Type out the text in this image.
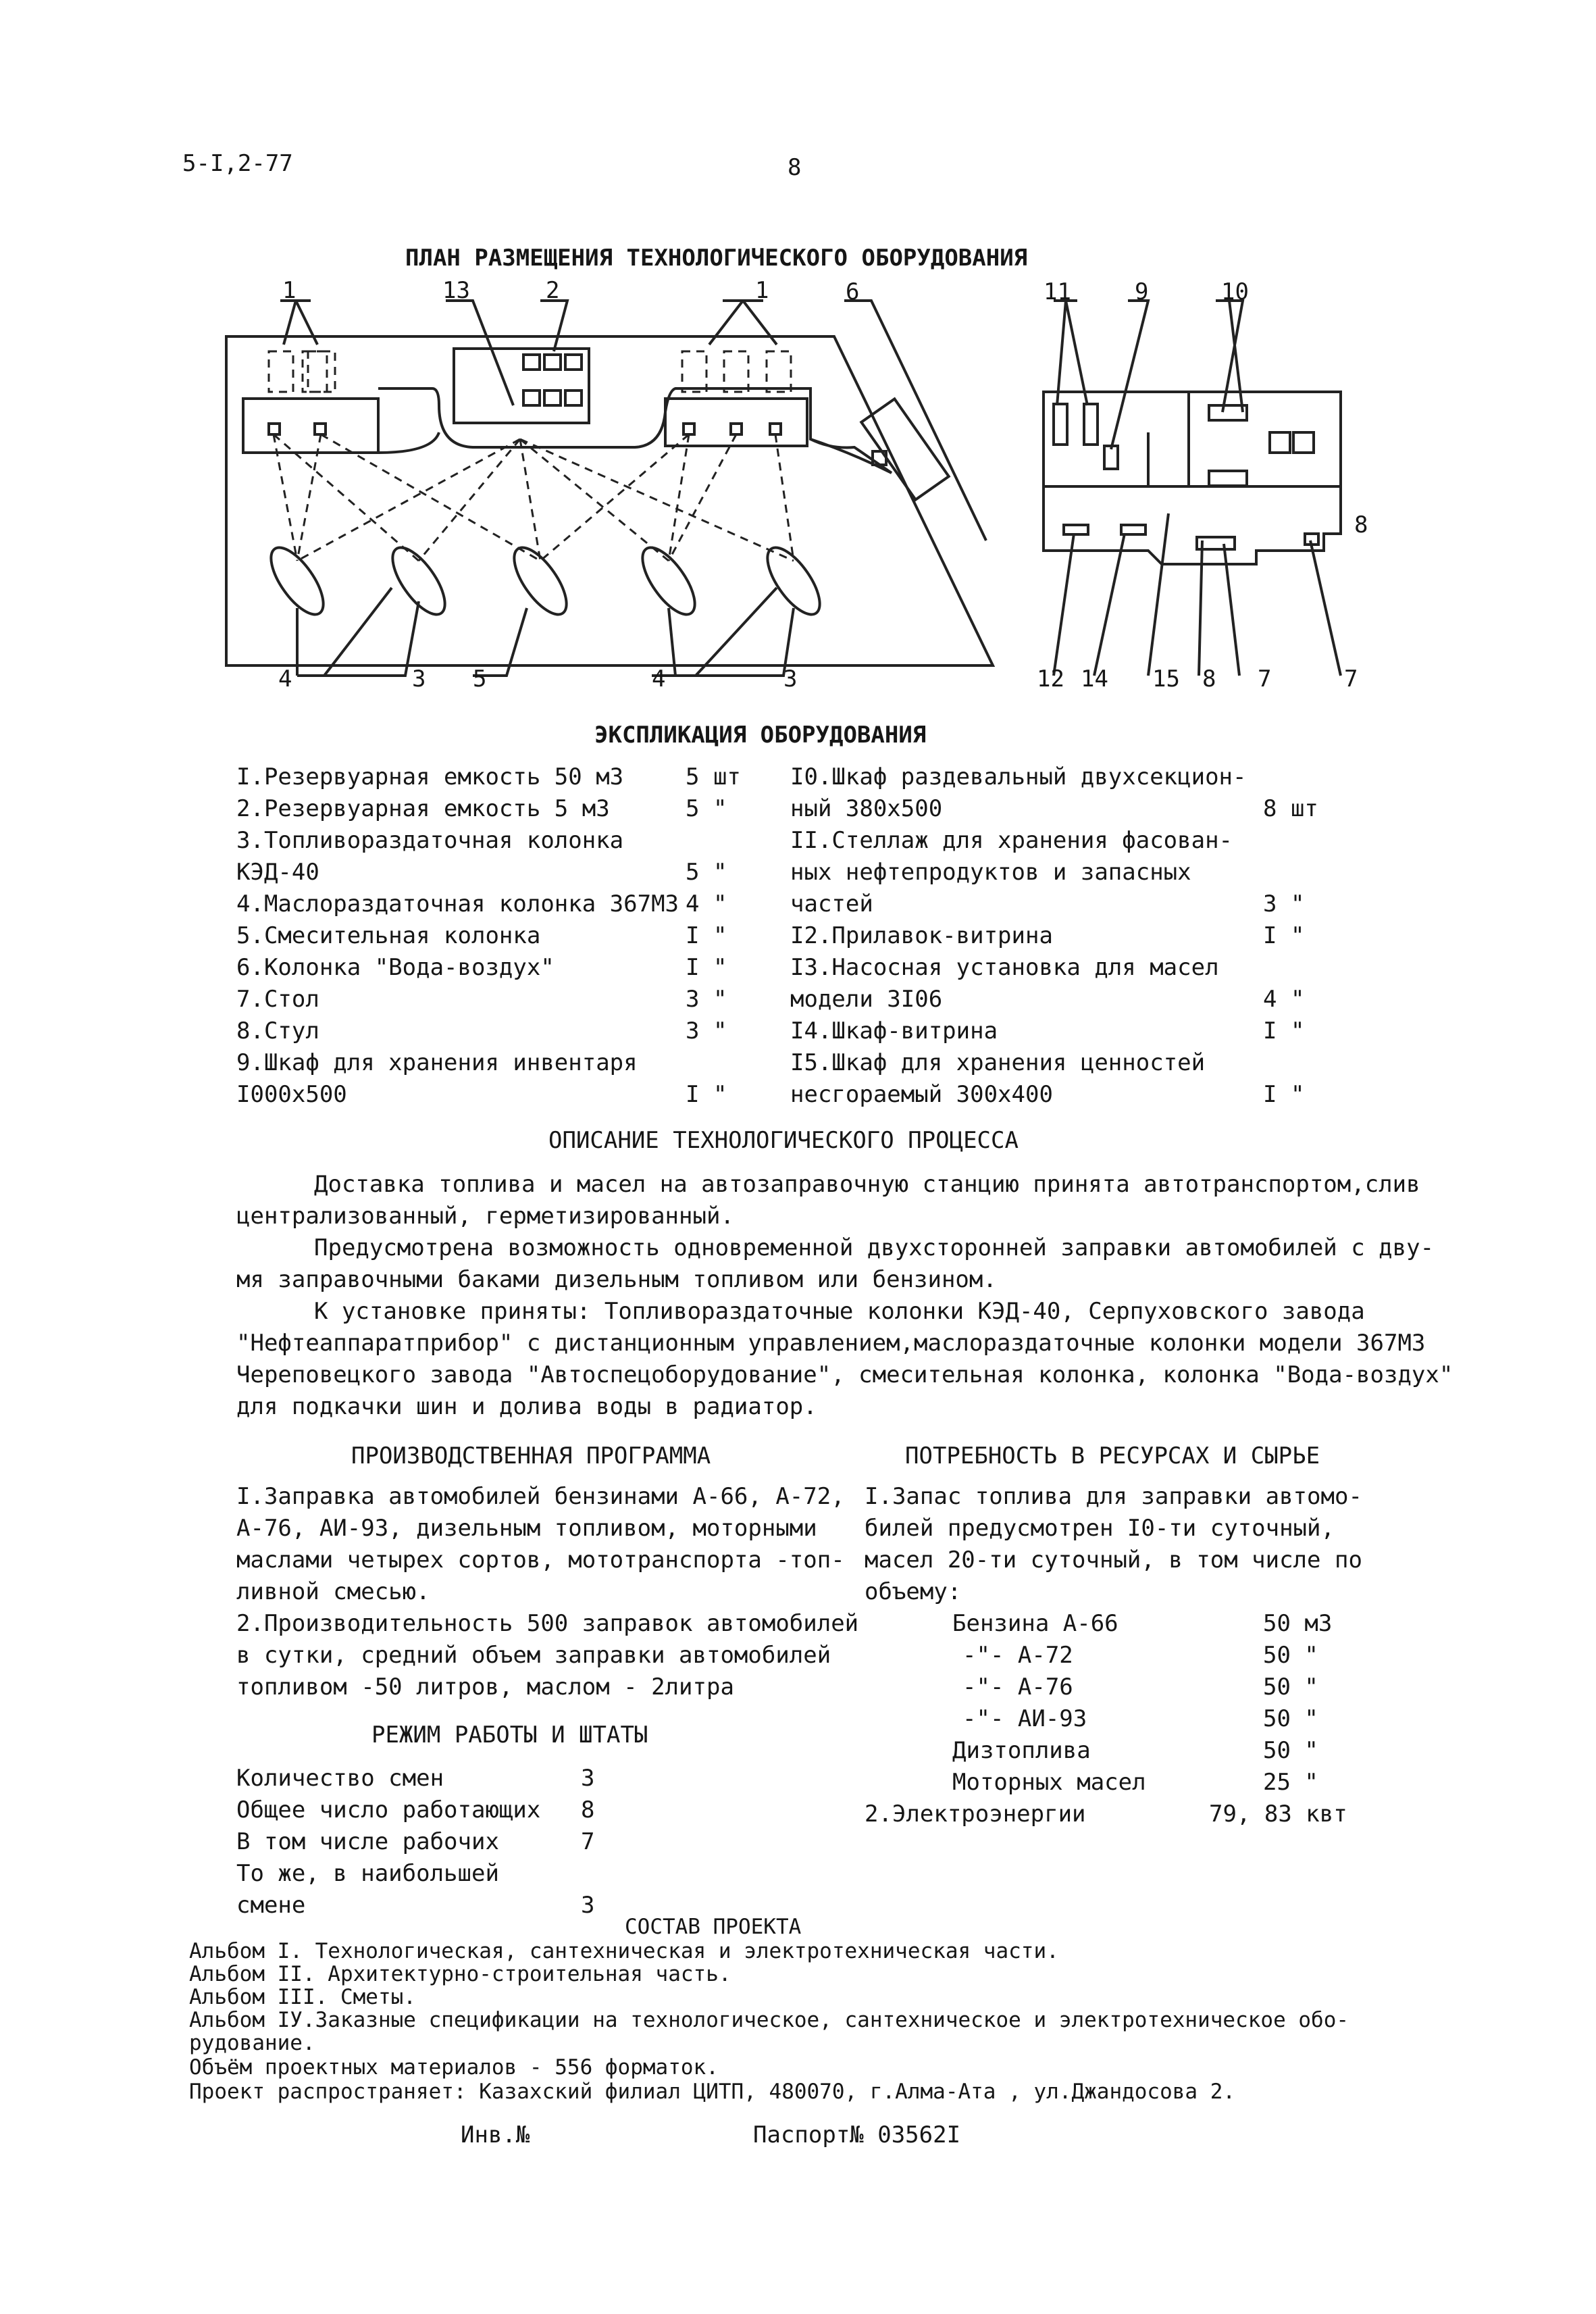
5-I,2-77	8
ПЛАН РАЗМЕЩЕНИЯ ТЕХНОЛОГИЧЕСКОГО ОБОРУДОВАНИЯ
1	13	2	1	6	11	9	10
8
4	3 5	4	3	12 14 15 8 7	7
ЭКСПЛИКАЦИЯ ОБОРУДОВАНИЯ
I.Резервуарная емкость 50 м3	5 шт
2.Резервуарная емкость 5 м3	5 "
3.Топливораздаточная колонка
КЭД-40	5 "
4.Маслораздаточная колонка 367М3 4 "
5.Смесительная колонка	I "
6.Колонка "Вода-воздух"	I "
7.Стол	3 "
8.Стул	3 "
9.Шкаф для хранения инвентаря
I000х500	I "
I0.Шкаф раздевальный двухсекцион-
ный 380х500	8 шт
II.Стеллаж для хранения фасован-
ных нефтепродуктов и запасных
частей	3 "
I2.Прилавок-витрина	I "
I3.Насосная установка для масел
модели 3I06	4 "
I4.Шкаф-витрина	I "
I5.Шкаф для хранения ценностей
несгораемый 300х400	I "
ОПИСАНИЕ ТЕХНОЛОГИЧЕСКОГО ПРОЦЕССА
Доставка топлива и масел на автозаправочную станцию принята автотранспортом,слив
централизованный, герметизированный.
Предусмотрена возможность одновременной двухсторонней заправки автомобилей с дву-
мя заправочными баками дизельным топливом или бензином.
К установке приняты: Топливораздаточные колонки КЭД-40, Серпуховского завода
"Нефтеаппаратприбор" с дистанционным управлением,маслораздаточные колонки модели 367М3
Череповецкого завода "Автоспецоборудование", смесительная колонка, колонка "Вода-воздух"
для подкачки шин и долива воды в радиатор.
ПРОИЗВОДСТВЕННАЯ ПРОГРАММА
I.Заправка автомобилей бензинами А-66, А-72,
А-76, АИ-93, дизельным топливом, моторными
маслами четырех сортов, мототранспорта -топ-
ливной смесью.
2.Производительность 500 заправок автомобилей
в сутки, средний объем заправки автомобилей
топливом -50 литров, маслом - 2литра
РЕЖИМ РАБОТЫ И ШТАТЫ
Количество смен	3
Общее число работающих 8
В том числе рабочих	7
То же, в наибольшей
смене	3
ПОТРЕБНОСТЬ В РЕСУРСАХ И СЫРЬЕ
I.Запас топлива для заправки автомо-
билей предусмотрен I0-ти суточный,
масел 20-ти суточный, в том числе по
объему:
Бензина А-66	50 м3
-"- А-72	50 "
-"- А-76	50 "
-"- АИ-93	50 "
Дизтоплива	50 "
Моторных масел	25 "
2.Электроэнергии	79, 83 квт
СОСТАВ ПРОЕКТА
Альбом I. Технологическая, сантехническая и электротехническая части.
Альбом II. Архитектурно-строительная часть.
Альбом III. Сметы.
Альбом IУ.Заказные спецификации на технологическое, сантехническое и электротехническое обо-
рудование.
Объём проектных материалов - 556 форматок.
Проект распространяет: Казахский филиал ЦИТП, 480070, г.Алма-Ата , ул.Джандосова 2.
Инв.№	Паспорт№ 03562I
